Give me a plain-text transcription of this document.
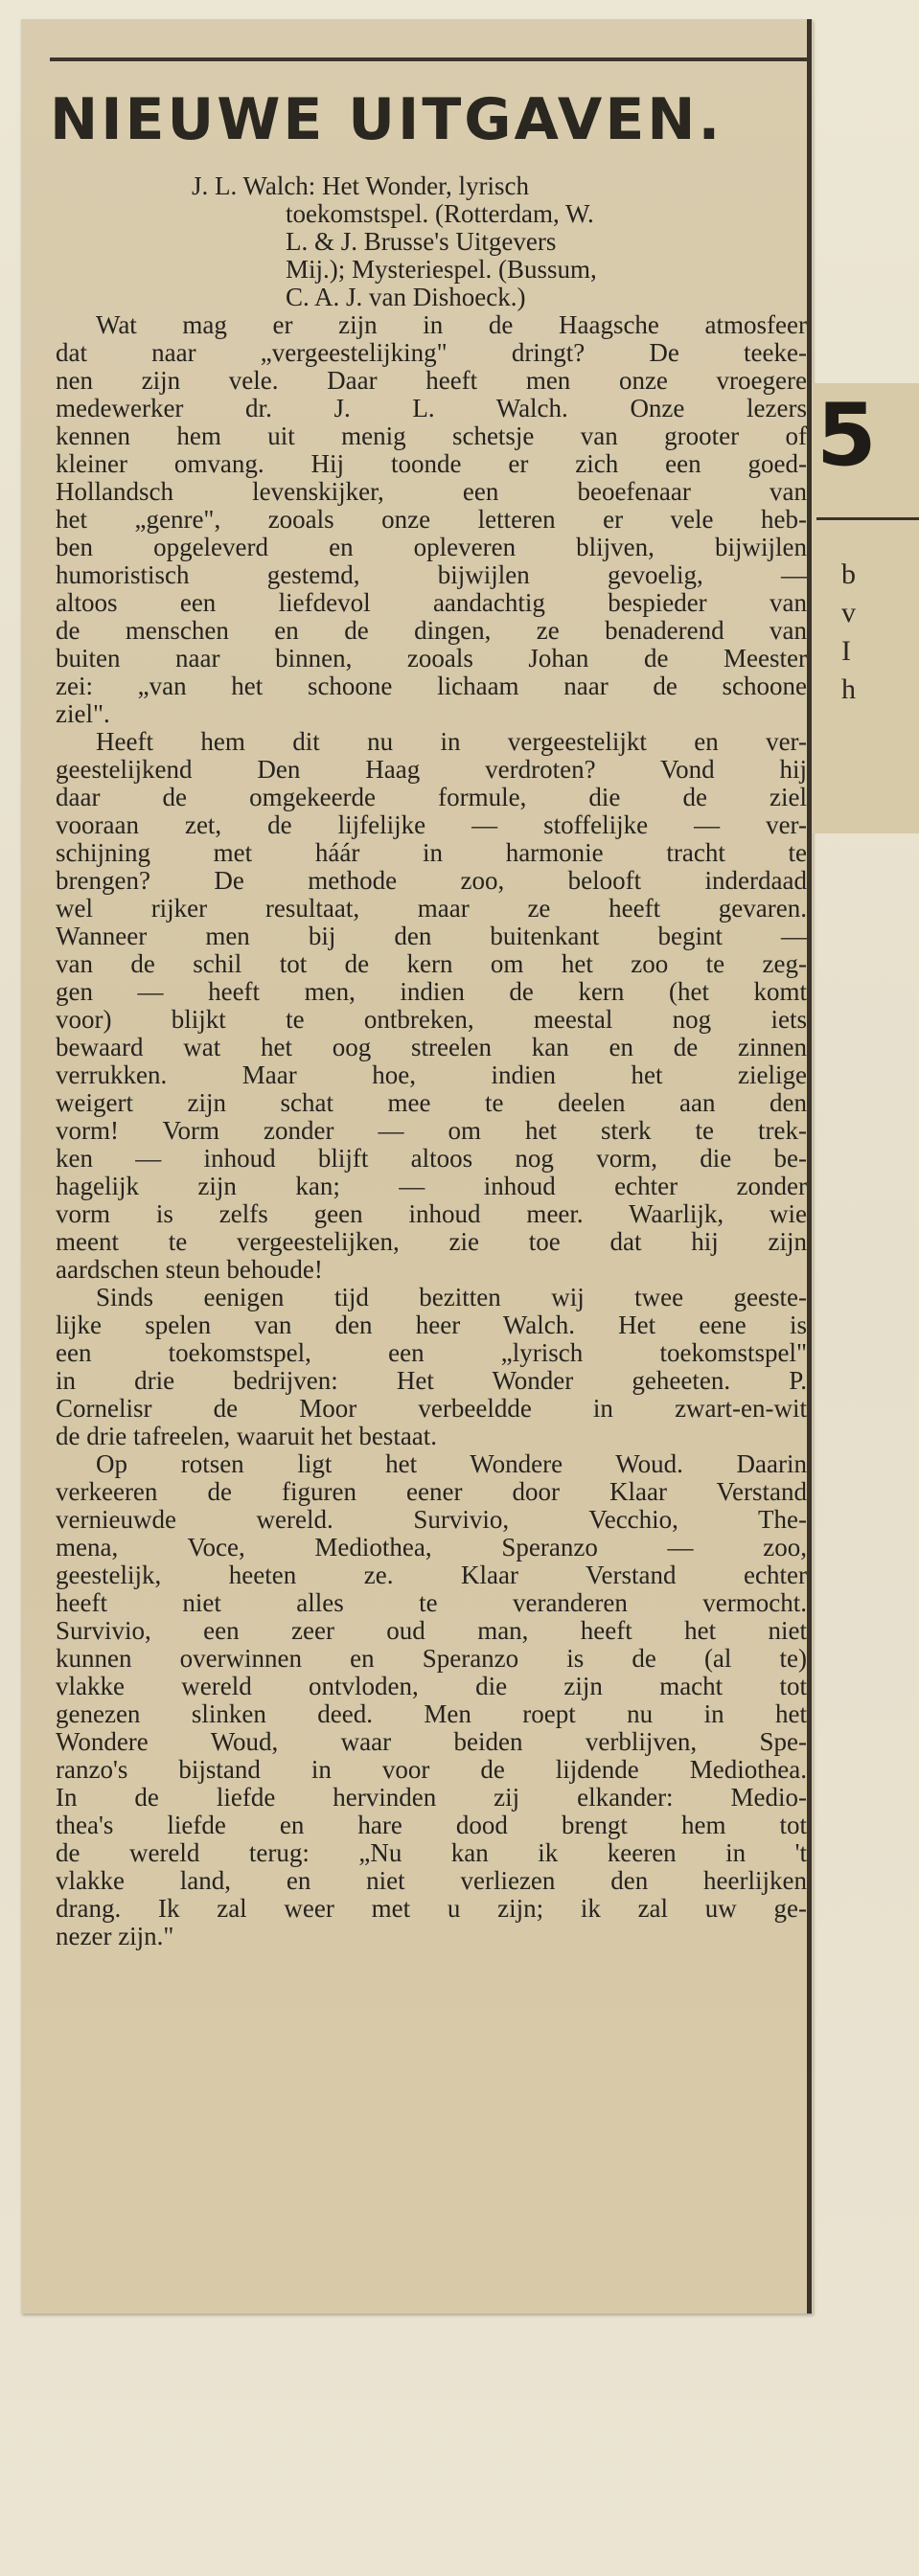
NIEUWE UITGAVEN.
J. L. Walch: Het Wonder, lyrisch
toekomstspel. (Rotterdam, W.
L. & J. Brusse's Uitgevers
Mij.); Mysteriespel. (Bussum,
C. A. J. van Dishoeck.)
Wat mag er zijn in de Haagsche atmosfeer
dat naar „vergeestelijking" dringt? De teeke-
nen zijn vele. Daar heeft men onze vroegere
medewerker dr. J. L. Walch. Onze lezers
kennen hem uit menig schetsje van grooter of
kleiner omvang. Hij toonde er zich een goed-
Hollandsch levenskijker, een beoefenaar van
het „genre", zooals onze letteren er vele heb-
ben opgeleverd en opleveren blijven, bijwijlen
humoristisch gestemd, bijwijlen gevoelig, —
altoos een liefdevol aandachtig bespieder van
de menschen en de dingen, ze benaderend van
buiten naar binnen, zooals Johan de Meester
zei: „van het schoone lichaam naar de schoone
ziel".
Heeft hem dit nu in vergeestelijkt en ver-
geestelijkend Den Haag verdroten? Vond hij
daar de omgekeerde formule, die de ziel
vooraan zet, de lijfelijke — stoffelijke — ver-
schijning met háár in harmonie tracht te
brengen? De methode zoo, belooft inderdaad
wel rijker resultaat, maar ze heeft gevaren.
Wanneer men bij den buitenkant begint —
van de schil tot de kern om het zoo te zeg-
gen — heeft men, indien de kern (het komt
voor) blijkt te ontbreken, meestal nog iets
bewaard wat het oog streelen kan en de zinnen
verrukken. Maar hoe, indien het zielige
weigert zijn schat mee te deelen aan den
vorm! Vorm zonder — om het sterk te trek-
ken — inhoud blijft altoos nog vorm, die be-
hagelijk zijn kan; — inhoud echter zonder
vorm is zelfs geen inhoud meer. Waarlijk, wie
meent te vergeestelijken, zie toe dat hij zijn
aardschen steun behoude!
Sinds eenigen tijd bezitten wij twee geeste-
lijke spelen van den heer Walch. Het eene is
een toekomstspel, een „lyrisch toekomstspel"
in drie bedrijven: Het Wonder geheeten. P.
Cornelisr de Moor verbeeldde in zwart-en-wit
de drie tafreelen, waaruit het bestaat.
Op rotsen ligt het Wondere Woud. Daarin
verkeeren de figuren eener door Klaar Verstand
vernieuwde wereld. Survivio, Vecchio, The-
mena, Voce, Mediothea, Speranzo — zoo,
geestelijk, heeten ze. Klaar Verstand echter
heeft niet alles te veranderen vermocht.
Survivio, een zeer oud man, heeft het niet
kunnen overwinnen en Speranzo is de (al te)
vlakke wereld ontvloden, die zijn macht tot
genezen slinken deed. Men roept nu in het
Wondere Woud, waar beiden verblijven, Spe-
ranzo's bijstand in voor de lijdende Mediothea.
In de liefde hervinden zij elkander: Medio-
thea's liefde en hare dood brengt hem tot
de wereld terug: „Nu kan ik keeren in 't
vlakke land, en niet verliezen den heerlijken
drang. Ik zal weer met u zijn; ik zal uw ge-
nezer zijn."
5
b
v
I
h
